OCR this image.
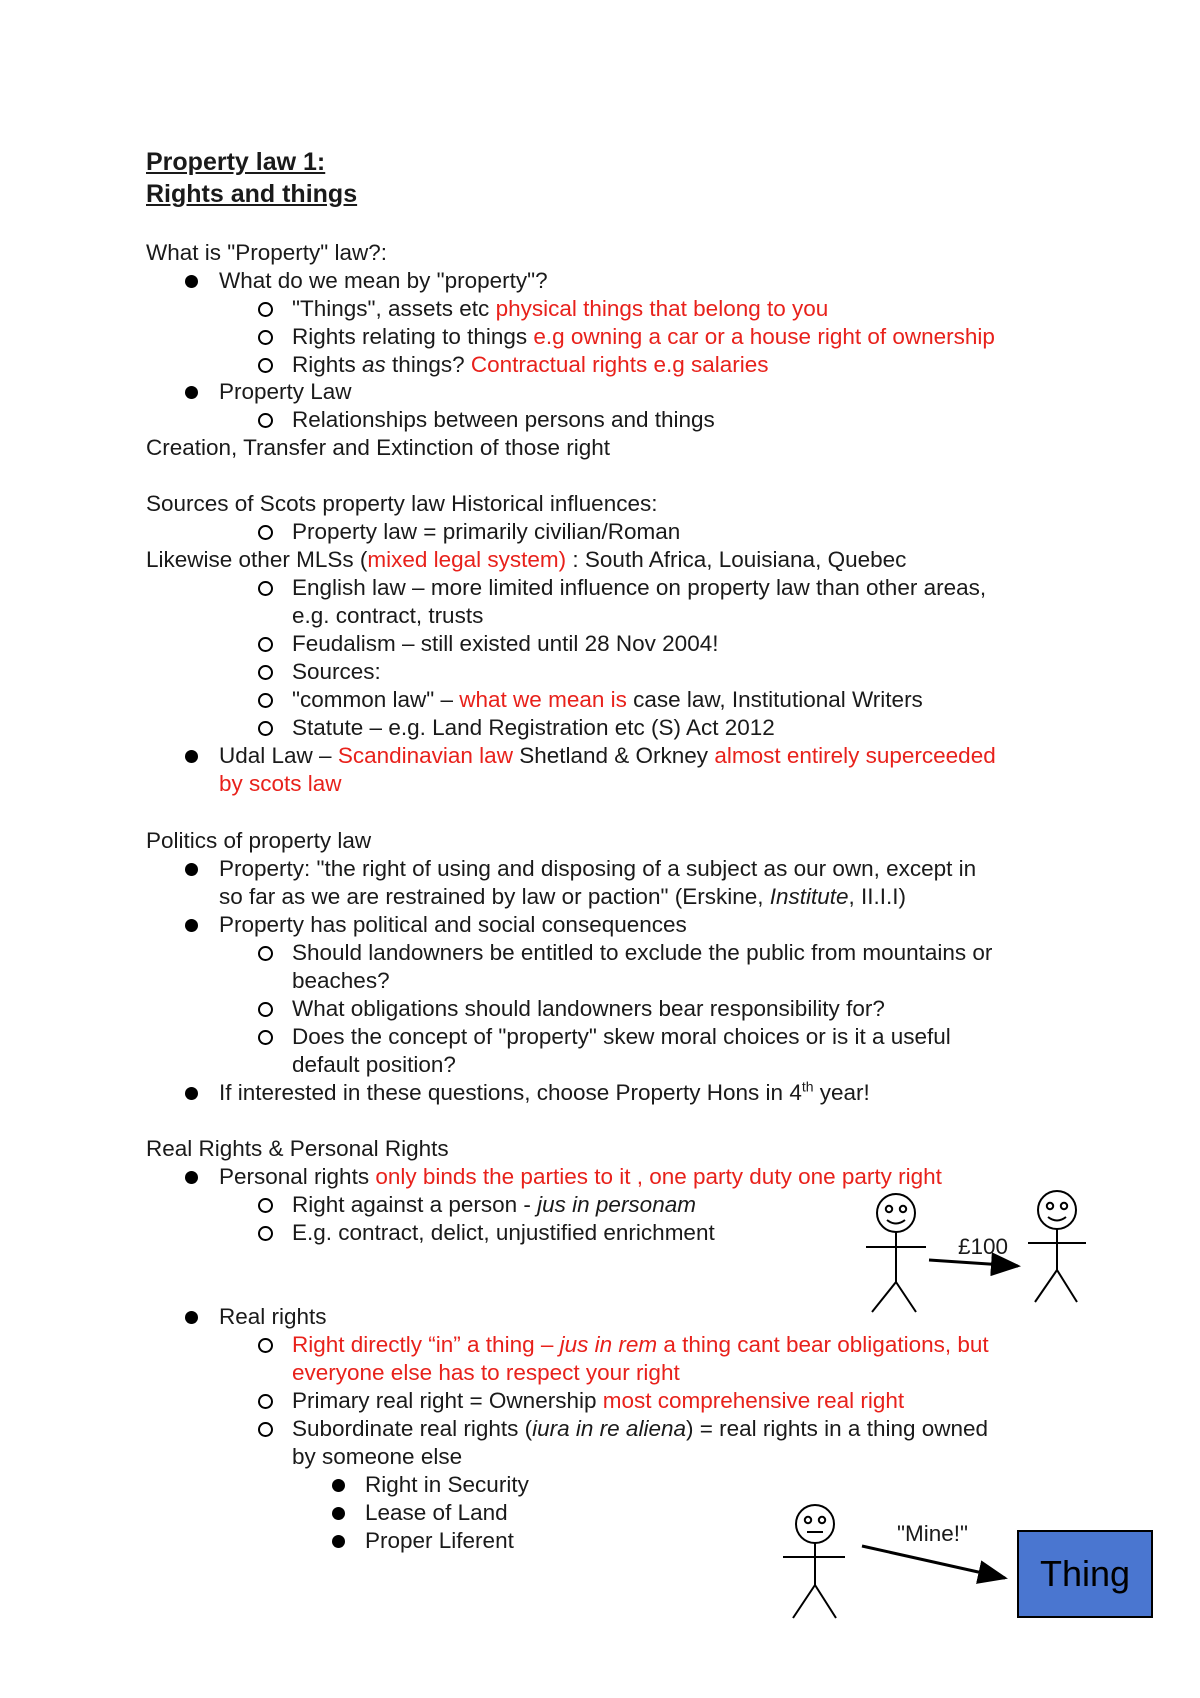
Property law 1:
Rights and things
What is "Property" law?:
What do we mean by "property"?
"Things", assets etc physical things that belong to you
Rights relating to things e.g owning a car or a house right of ownership
Rights as things? Contractual rights e.g salaries
Property Law
Relationships between persons and things
Creation, Transfer and Extinction of those right
Sources of Scots property law Historical influences:
Property law = primarily civilian/Roman
Likewise other MLSs (mixed legal system) : South Africa, Louisiana, Quebec
English law – more limited influence on property law than other areas,
e.g. contract, trusts
Feudalism – still existed until 28 Nov 2004!
Sources:
"common law" – what we mean is case law, Institutional Writers
Statute – e.g. Land Registration etc (S) Act 2012
Udal Law – Scandinavian law Shetland & Orkney almost entirely superceeded
by scots law
Politics of property law
Property: "the right of using and disposing of a subject as our own, except in
so far as we are restrained by law or paction" (Erskine, Institute, II.I.I)
Property has political and social consequences
Should landowners be entitled to exclude the public from mountains or
beaches?
What obligations should landowners bear responsibility for?
Does the concept of "property" skew moral choices or is it a useful
default position?
If interested in these questions, choose Property Hons in 4th year!
Real Rights & Personal Rights
Personal rights only binds the parties to it , one party duty one party right
Right against a person - jus in personam
E.g. contract, delict, unjustified enrichment
Real rights
Right directly “in” a thing – jus in rem a thing cant bear obligations, but
everyone else has to respect your right
Primary real right = Ownership most comprehensive real right
Subordinate real rights (iura in re aliena) = real rights in a thing owned
by someone else
Right in Security
Lease of Land
Proper Liferent
£100
"Mine!"
Thing
